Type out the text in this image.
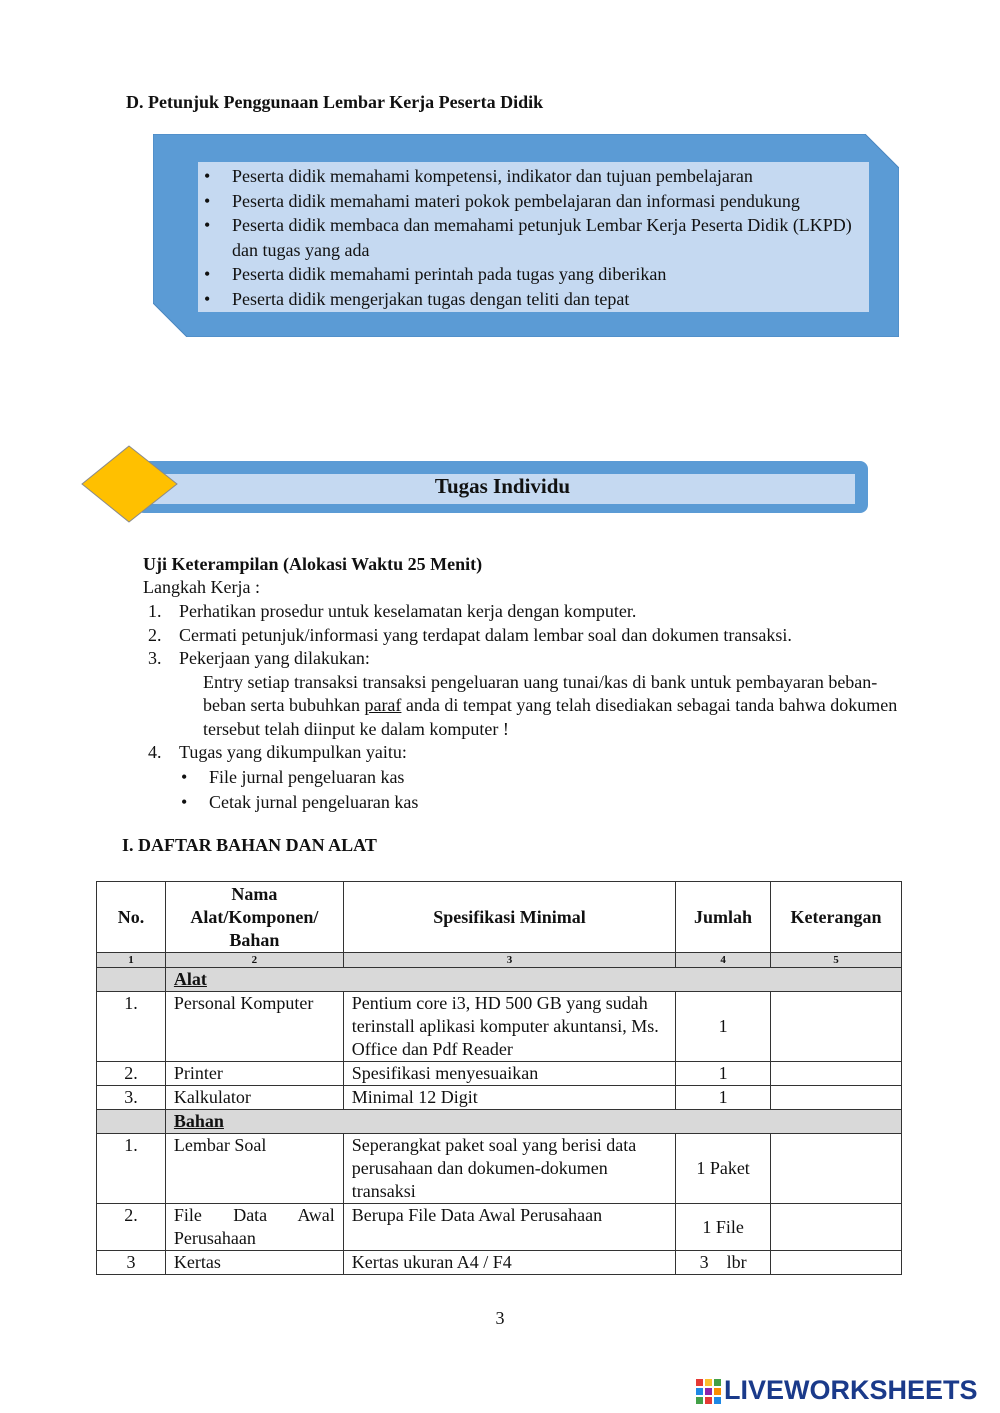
D. Petunjuk Penggunaan Lembar Kerja Peserta Didik
• Peserta didik memahami kompetensi, indikator dan tujuan pembelajaran
• Peserta didik memahami materi pokok pembelajaran dan informasi pendukung
• Peserta didik membaca dan memahami petunjuk Lembar Kerja Peserta Didik (LKPD) dan tugas yang ada
• Peserta didik memahami perintah pada tugas yang diberikan
• Peserta didik mengerjakan tugas dengan teliti dan tepat
Tugas Individu
Uji Keterampilan (Alokasi Waktu 25 Menit)
Langkah Kerja :
1. Perhatikan prosedur untuk keselamatan kerja dengan komputer.
2. Cermati petunjuk/informasi yang terdapat dalam lembar soal dan dokumen transaksi.
3. Pekerjaan yang dilakukan:
Entry setiap transaksi transaksi pengeluaran uang tunai/kas di bank untuk pembayaran beban-beban serta bubuhkan paraf anda di tempat yang telah disediakan sebagai tanda bahwa dokumen tersebut telah diinput ke dalam komputer !
4. Tugas yang dikumpulkan yaitu:
• File jurnal pengeluaran kas
• Cetak jurnal pengeluaran kas
I. DAFTAR BAHAN DAN ALAT
No.	Nama Alat/Komponen/ Bahan	Spesifikasi Minimal	Jumlah	Keterangan
1	2	3	4	5
	Alat			
1.	Personal Komputer	Pentium core i3, HD 500 GB yang sudah terinstall aplikasi komputer akuntansi, Ms. Office dan Pdf Reader	1	
2.	Printer	Spesifikasi menyesuaikan	1	
3.	Kalkulator	Minimal 12 Digit	1	
	Bahan			
1.	Lembar Soal	Seperangkat paket soal yang berisi data perusahaan dan dokumen-dokumen transaksi	1 Paket	
2.	File Data Awal Perusahaan	Berupa File Data Awal Perusahaan	1 File	
3	Kertas	Kertas ukuran A4 / F4	3    lbr	
3
LIVEWORKSHEETS
